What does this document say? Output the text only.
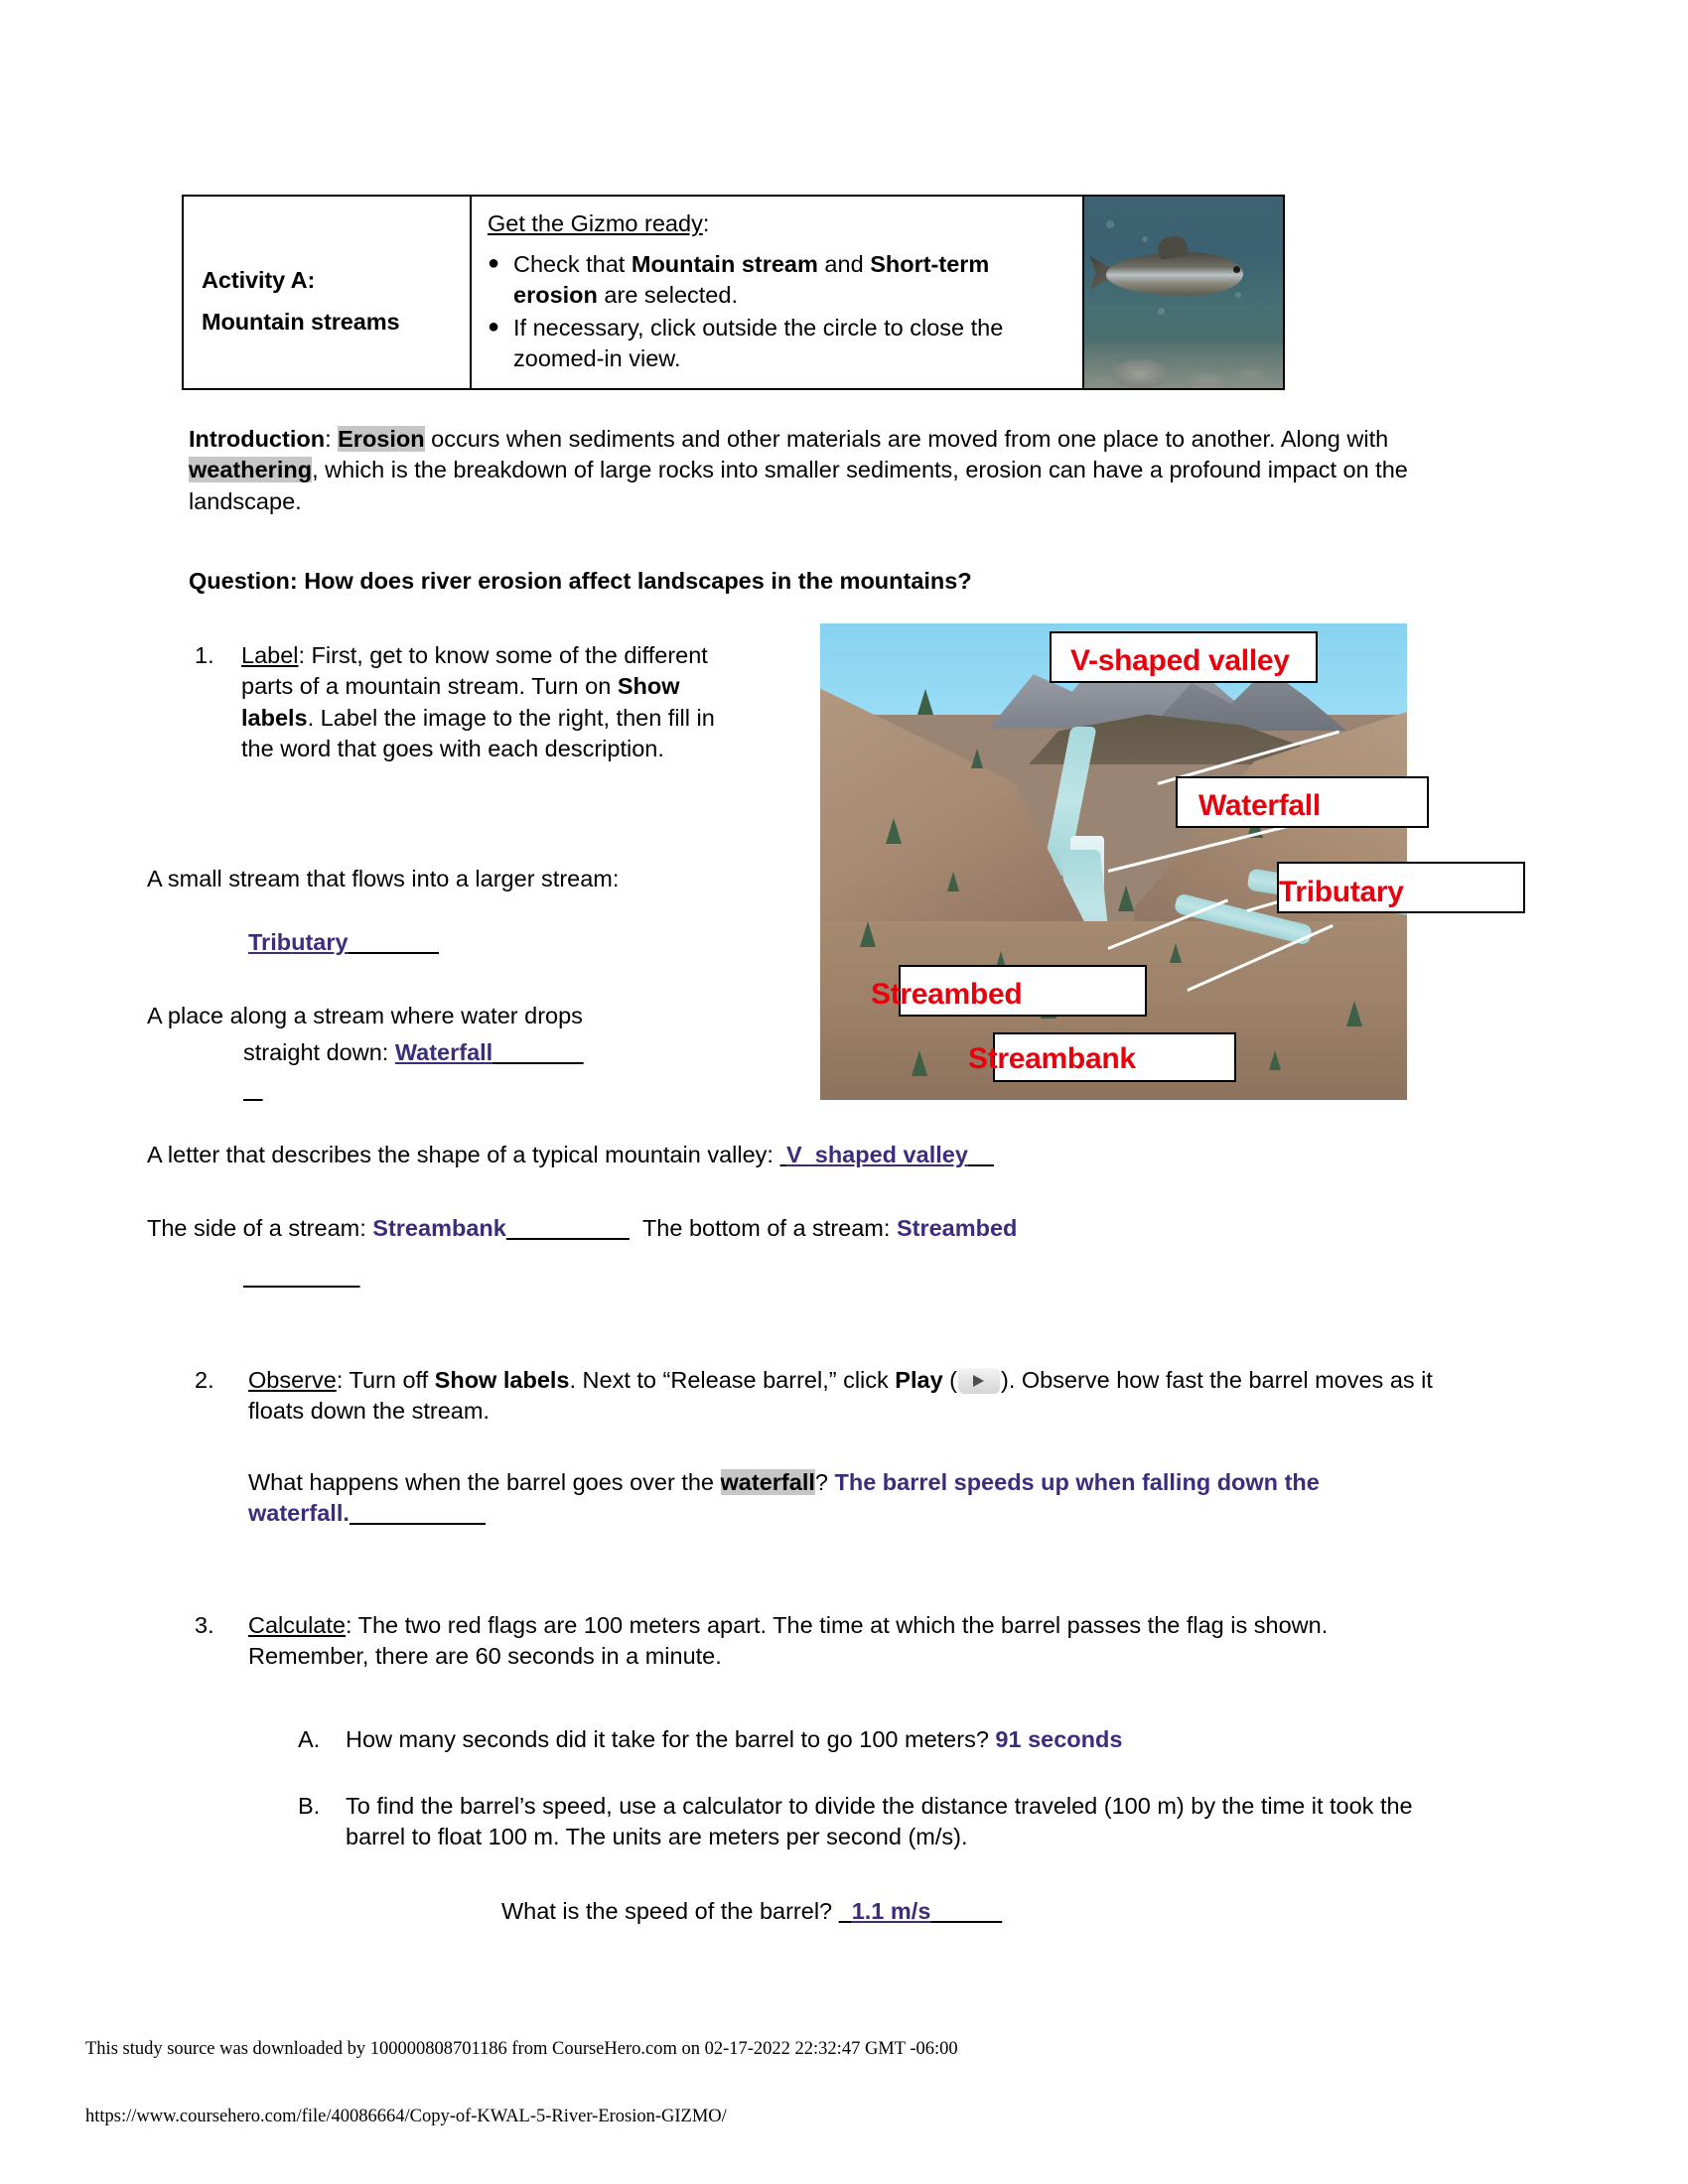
Activity A:
Mountain streams
Get the Gizmo ready:
● Check that Mountain stream and Short-term erosion are selected.
● If necessary, click outside the circle to close the zoomed-in view.
Introduction: Erosion occurs when sediments and other materials are moved from one place to another. Along with weathering, which is the breakdown of large rocks into smaller sediments, erosion can have a profound impact on the landscape.
Question: How does river erosion affect landscapes in the mountains?
1. Label: First, get to know some of the different parts of a mountain stream. Turn on Show labels. Label the image to the right, then fill in the word that goes with each description.
A small stream that flows into a larger stream:
Tributary
A place along a stream where water drops
straight down: Waterfall

A letter that describes the shape of a typical mountain valley:  V_shaped valley
The side of a stream: Streambank	The bottom of a stream: Streambed

2. Observe: Turn off Show labels. Next to “Release barrel,” click Play ( ). Observe how fast the barrel moves as it floats down the stream.
What happens when the barrel goes over the waterfall? The barrel speeds up when falling down the waterfall.
3. Calculate: The two red flags are 100 meters apart. The time at which the barrel passes the flag is shown. Remember, there are 60 seconds in a minute.
A. How many seconds did it take for the barrel to go 100 meters? 91 seconds
B. To find the barrel’s speed, use a calculator to divide the distance traveled (100 m) by the time it took the barrel to float 100 m. The units are meters per second (m/s).
What is the speed of the barrel?   1.1 m/s
V-shaped valley
Waterfall
Tributary
Streambed
Streambank
This study source was downloaded by 100000808701186 from CourseHero.com on 02-17-2022 22:32:47 GMT -06:00
https://www.coursehero.com/file/40086664/Copy-of-KWAL-5-River-Erosion-GIZMO/
